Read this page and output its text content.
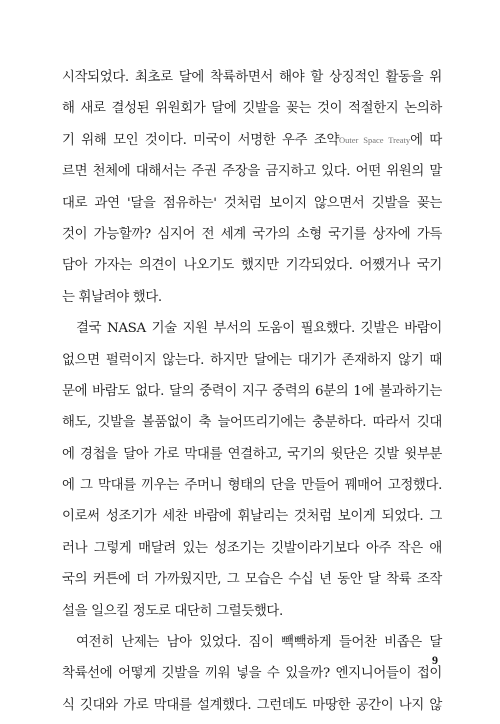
시작되었다. 최초로 달에 착륙하면서 해야 할 상징적인 활동을 위
해 새로 결성된 위원회가 달에 깃발을 꽂는 것이 적절한지 논의하
기 위해 모인 것이다. 미국이 서명한 우주 조약Outer Space Treaty에 따
르면 천체에 대해서는 주권 주장을 금지하고 있다. 어떤 위원의 말
대로 과연 '달을 점유하는' 것처럼 보이지 않으면서 깃발을 꽂는
것이 가능할까? 심지어 전 세계 국가의 소형 국기를 상자에 가득
담아 가자는 의견이 나오기도 했지만 기각되었다. 어쨌거나 국기
는 휘날려야 했다.
결국 NASA 기술 지원 부서의 도움이 필요했다. 깃발은 바람이
없으면 펄럭이지 않는다. 하지만 달에는 대기가 존재하지 않기 때
문에 바람도 없다. 달의 중력이 지구 중력의 6분의 1에 불과하기는
해도, 깃발을 볼품없이 축 늘어뜨리기에는 충분하다. 따라서 깃대
에 경첩을 달아 가로 막대를 연결하고, 국기의 윗단은 깃발 윗부분
에 그 막대를 끼우는 주머니 형태의 단을 만들어 꿰매어 고정했다.
이로써 성조기가 세찬 바람에 휘날리는 것처럼 보이게 되었다. 그
러나 그렇게 매달려 있는 성조기는 깃발이라기보다 아주 작은 애
국의 커튼에 더 가까웠지만, 그 모습은 수십 년 동안 달 착륙 조작
설을 일으킬 정도로 대단히 그럴듯했다.
여전히 난제는 남아 있었다. 짐이 빽빽하게 들어찬 비좁은 달
착륙선에 어떻게 깃발을 끼워 넣을 수 있을까? 엔지니어들이 접이
식 깃대와 가로 막대를 설계했다. 그런데도 마땅한 공간이 나지 않
9
